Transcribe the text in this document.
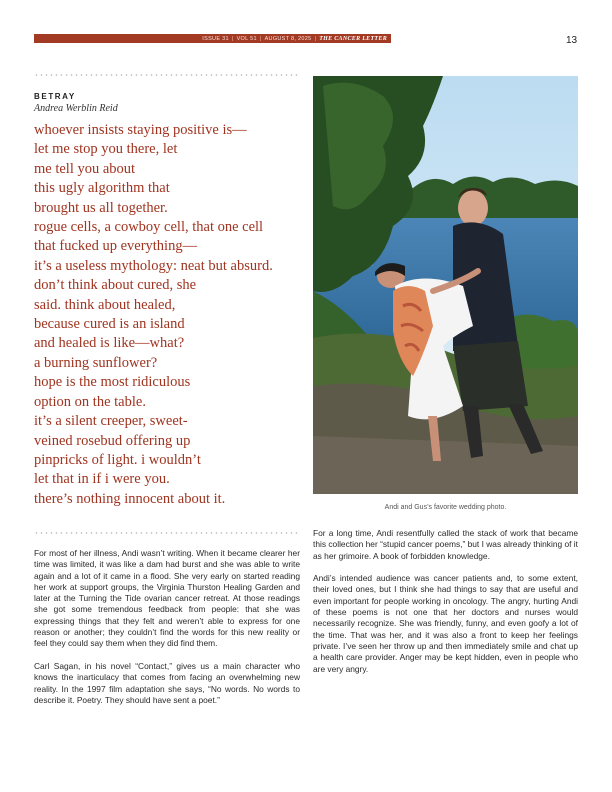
ISSUE 31 | VOL 51 | AUGUST 8, 2025 | THE CANCER LETTER	13
BETRAY
Andrea Werblin Reid
whoever insists staying positive is—
let me stop you there, let
me tell you about
this ugly algorithm that
brought us all together.
rogue cells, a cowboy cell, that one cell
that fucked up everything—
it’s a useless mythology: neat but absurd.
don’t think about cured, she
said. think about healed,
because cured is an island
and healed is like—what?
a burning sunflower?
hope is the most ridiculous
option on the table.
it’s a silent creeper, sweet-
veined rosebud offering up
pinpricks of light. i wouldn’t
let that in if i were you.
there’s nothing innocent about it.
Andi and Gus’s favorite wedding photo.

For most of her illness, Andi wasn’t writing. When it became clearer her time was limited, it was like a dam had burst and she was able to write again and a lot of it came in a flood. She very early on started reading her work at support groups, the Virginia Thurston Healing Garden and later at the Turning the Tide ovarian cancer retreat. At those readings she got some tremendous feedback from people: that she was expressing things that they felt and weren’t able to express for one reason or another; they couldn’t find the words for this new reality or feel they could say them when they did find them.

Carl Sagan, in his novel “Contact,” gives us a main character who knows the inarticulacy that comes from facing an overwhelming new reality. In the 1997 film adaptation she says, “No words. No words to describe it. Poetry. They should have sent a poet.”

For a long time, Andi resentfully called the stack of work that became this collection her “stupid cancer poems,” but I was already thinking of it as her grimoire. A book of forbidden knowledge.

Andi’s intended audience was cancer patients and, to some extent, their loved ones, but I think she had things to say that are useful and even important for people working in oncology. The angry, hurting Andi of these poems is not one that her doctors and nurses would necessarily recognize. She was friendly, funny, and even goofy a lot of the time. That was her, and it was also a front to keep her feelings private. I’ve seen her throw up and then immediately smile and chat up a health care provider. Anger may be kept hidden, even in people who are very angry.
